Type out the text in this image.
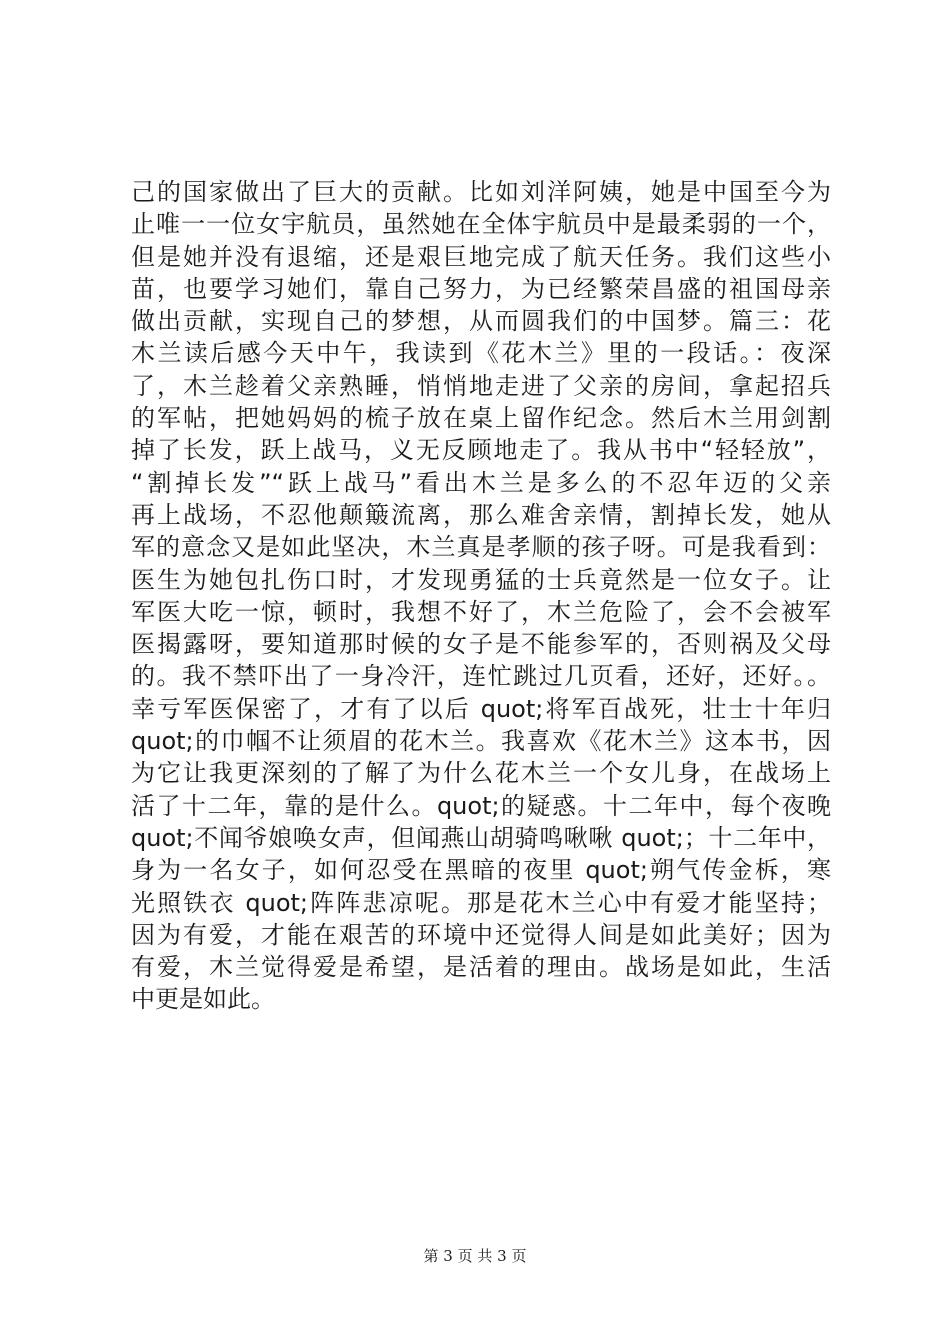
己的国家做出了巨大的贡献。比如刘洋阿姨，她是中国至今为
止唯一一位女宇航员，虽然她在全体宇航员中是最柔弱的一个，
但是她并没有退缩，还是艰巨地完成了航天任务。我们这些小
苗，也要学习她们，靠自己努力，为已经繁荣昌盛的祖国母亲
做出贡献，实现自己的梦想，从而圆我们的中国梦。篇三：花
木兰读后感今天中午，我读到《花木兰》里的一段话。：夜深
了，木兰趁着父亲熟睡，悄悄地走进了父亲的房间，拿起招兵
的军帖，把她妈妈的梳子放在桌上留作纪念。然后木兰用剑割
掉了长发，跃上战马，义无反顾地走了。我从书中“轻轻放”，
“割掉长发”“跃上战马”看出木兰是多么的不忍年迈的父亲
再上战场，不忍他颠簸流离，那么难舍亲情，割掉长发，她从
军的意念又是如此坚决，木兰真是孝顺的孩子呀。可是我看到：
医生为她包扎伤口时，才发现勇猛的士兵竟然是一位女子。让
军医大吃一惊，顿时，我想不好了，木兰危险了，会不会被军
医揭露呀，要知道那时候的女子是不能参军的，否则祸及父母
的。我不禁吓出了一身冷汗，连忙跳过几页看，还好，还好。。
幸亏军医保密了，才有了以后 quot;将军百战死，壮士十年归
quot;的巾帼不让须眉的花木兰。我喜欢《花木兰》这本书，因
为它让我更深刻的了解了为什么花木兰一个女儿身，在战场上
活了十二年，靠的是什么。quot;的疑惑。十二年中，每个夜晚
quot;不闻爷娘唤女声，但闻燕山胡骑鸣啾啾 quot;；十二年中，
身为一名女子，如何忍受在黑暗的夜里 quot;朔气传金柝，寒
光照铁衣 quot;阵阵悲凉呢。那是花木兰心中有爱才能坚持；
因为有爱，才能在艰苦的环境中还觉得人间是如此美好；因为
有爱，木兰觉得爱是希望，是活着的理由。战场是如此，生活
中更是如此。
第 3 页 共 3 页
